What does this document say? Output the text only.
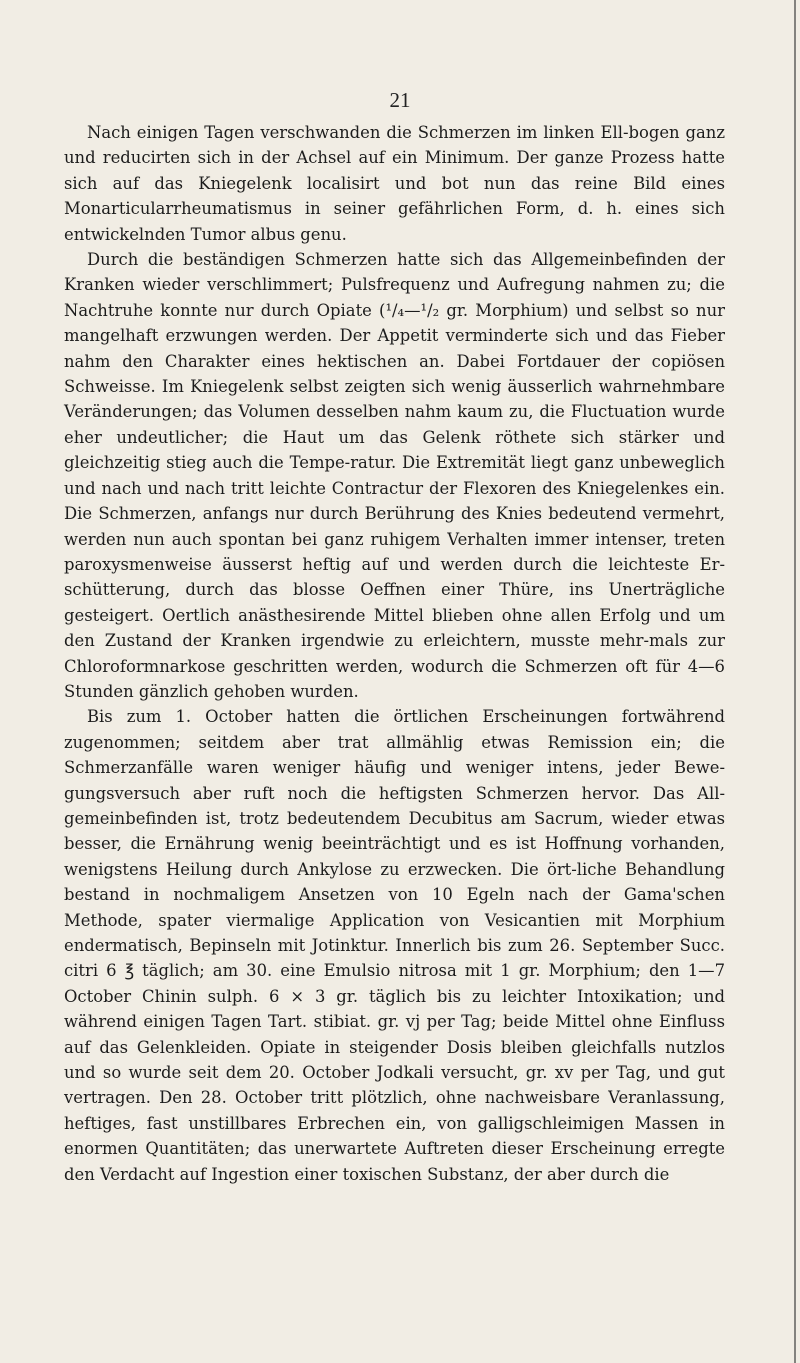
21

Nach einigen Tagen verschwanden die Schmerzen im linken Ell-bogen ganz und reducirten sich in der Achsel auf ein Minimum. Der ganze Prozess hatte sich auf das Kniegelenk localisirt und bot nun das reine Bild eines Monarticularrheumatismus in seiner gefährlichen Form, d. h. eines sich entwickelnden Tumor albus genu.

Durch die beständigen Schmerzen hatte sich das Allgemeinbefinden der Kranken wieder verschlimmert; Pulsfrequenz und Aufregung nahmen zu; die Nachtruhe konnte nur durch Opiate (¹/₄—¹/₂ gr. Morphium) und selbst so nur mangelhaft erzwungen werden. Der Appetit verminderte sich und das Fieber nahm den Charakter eines hektischen an. Dabei Fortdauer der copiösen Schweisse. Im Kniegelenk selbst zeigten sich wenig äusserlich wahrnehmbare Veränderungen; das Volumen desselben nahm kaum zu, die Fluctuation wurde eher undeutlicher; die Haut um das Gelenk röthete sich stärker und gleichzeitig stieg auch die Tempe-ratur. Die Extremität liegt ganz unbeweglich und nach und nach tritt leichte Contractur der Flexoren des Kniegelenkes ein. Die Schmerzen, anfangs nur durch Berührung des Knies bedeutend vermehrt, werden nun auch spontan bei ganz ruhigem Verhalten immer intenser, treten paroxysmenweise äusserst heftig auf und werden durch die leichteste Er-schütterung, durch das blosse Oeffnen einer Thüre, ins Unerträgliche gesteigert. Oertlich anästhesirende Mittel blieben ohne allen Erfolg und um den Zustand der Kranken irgendwie zu erleichtern, musste mehr-mals zur Chloroformnarkose geschritten werden, wodurch die Schmerzen oft für 4—6 Stunden gänzlich gehoben wurden.

Bis zum 1. October hatten die örtlichen Erscheinungen fortwährend zugenommen; seitdem aber trat allmählig etwas Remission ein; die Schmerzanfälle waren weniger häufig und weniger intens, jeder Bewe-gungsversuch aber ruft noch die heftigsten Schmerzen hervor. Das All-gemeinbefinden ist, trotz bedeutendem Decubitus am Sacrum, wieder etwas besser, die Ernährung wenig beeinträchtigt und es ist Hoffnung vorhanden, wenigstens Heilung durch Ankylose zu erzwecken. Die ört-liche Behandlung bestand in nochmaligem Ansetzen von 10 Egeln nach der Gama'schen Methode, spater viermalige Application von Vesicantien mit Morphium endermatisch, Bepinseln mit Jotinktur. Innerlich bis zum 26. September Succ. citri 6 ℥ täglich; am 30. eine Emulsio nitrosa mit 1 gr. Morphium; den 1—7 October Chinin sulph. 6 × 3 gr. täglich bis zu leichter Intoxikation; und während einigen Tagen Tart. stibiat. gr. vj per Tag; beide Mittel ohne Einfluss auf das Gelenkleiden. Opiate in steigender Dosis bleiben gleichfalls nutzlos und so wurde seit dem 20. October Jodkali versucht, gr. xv per Tag, und gut vertragen. Den 28. October tritt plötzlich, ohne nachweisbare Veranlassung, heftiges, fast unstillbares Erbrechen ein, von galligschleimigen Massen in enormen Quantitäten; das unerwartete Auftreten dieser Erscheinung erregte den Verdacht auf Ingestion einer toxischen Substanz, der aber durch die
